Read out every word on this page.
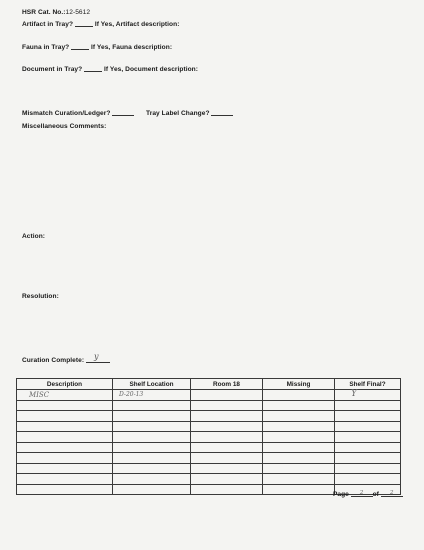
HSR Cat. No.:12-5612
Artifact in Tray?	If Yes, Artifact description:
Fauna in Tray?	If Yes, Fauna description:
Document in Tray?	If Yes, Document description:
Mismatch Curation/Ledger?	Tray Label Change?
Miscellaneous Comments:
Action:
Resolution:
Curation Complete: y
Description	Shelf Location	Room 18	Missing	Shelf Final?
MISC	D-20-13			Y

Page $^2$ of $^2$
